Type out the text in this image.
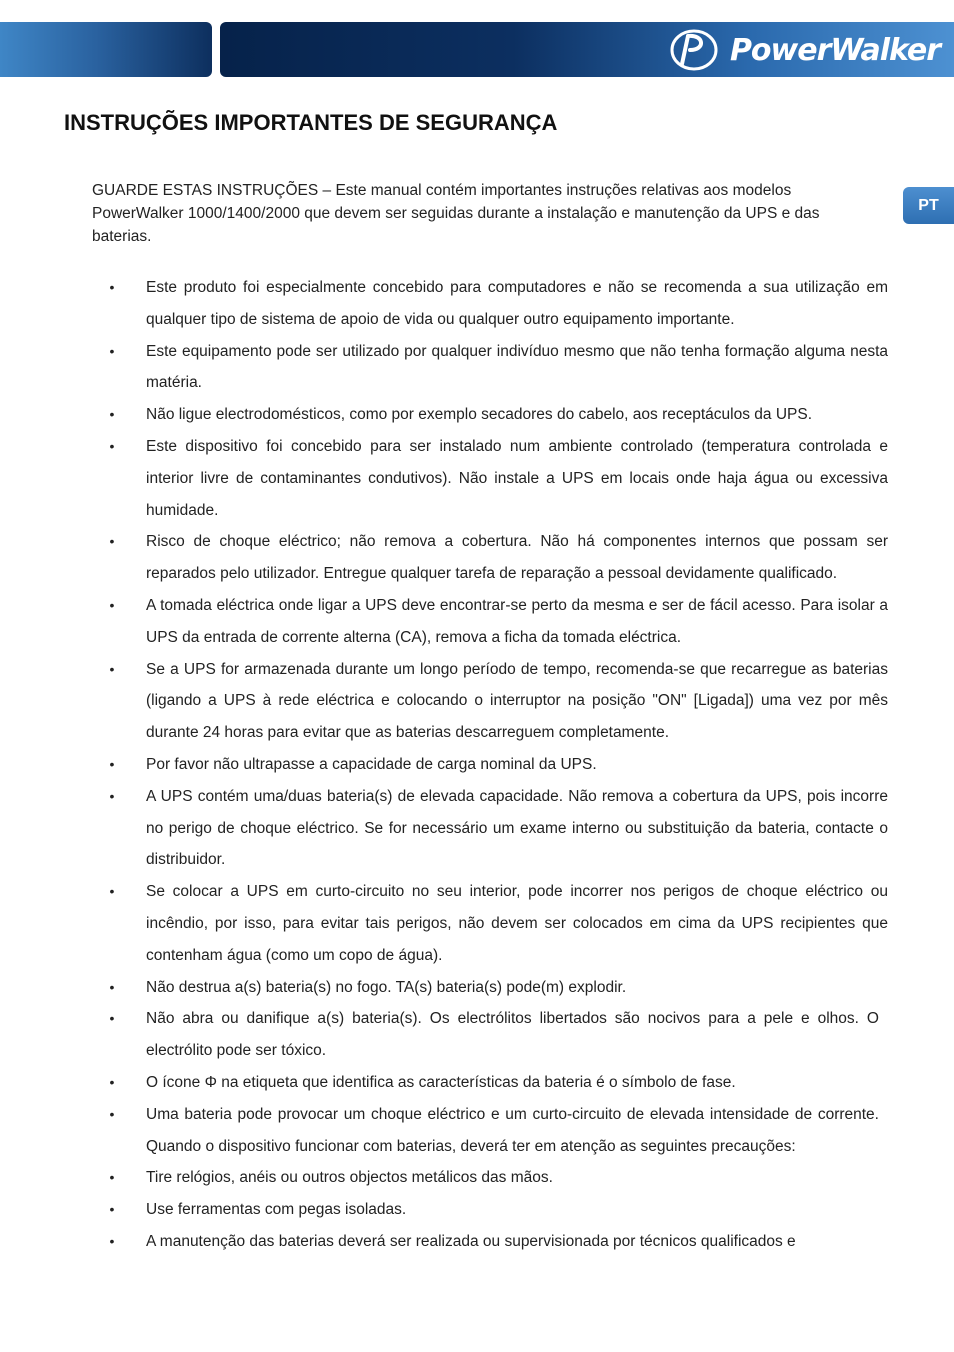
PowerWalker
PT
INSTRUÇÕES IMPORTANTES DE SEGURANÇA

GUARDE ESTAS INSTRUÇÕES – Este manual contém importantes instruções relativas aos modelos PowerWalker 1000/1400/2000 que devem ser seguidas durante a instalação e manutenção da UPS e das baterias.

• Este produto foi especialmente concebido para computadores e não se recomenda a sua utilização em qualquer tipo de sistema de apoio de vida ou qualquer outro equipamento importante.
• Este equipamento pode ser utilizado por qualquer indivíduo mesmo que não tenha formação alguma nesta matéria.
• Não ligue electrodomésticos, como por exemplo secadores do cabelo, aos receptáculos da UPS.
• Este dispositivo foi concebido para ser instalado num ambiente controlado (temperatura controlada e interior livre de contaminantes condutivos). Não instale a UPS em locais onde haja água ou excessiva humidade.
• Risco de choque eléctrico; não remova a cobertura. Não há componentes internos que possam ser reparados pelo utilizador. Entregue qualquer tarefa de reparação a pessoal devidamente qualificado.
• A tomada eléctrica onde ligar a UPS deve encontrar-se perto da mesma e ser de fácil acesso. Para isolar a UPS da entrada de corrente alterna (CA), remova a ficha da tomada eléctrica.
• Se a UPS for armazenada durante um longo período de tempo, recomenda-se que recarregue as baterias (ligando a UPS à rede eléctrica e colocando o interruptor na posição "ON" [Ligada]) uma vez por mês durante 24 horas para evitar que as baterias descarreguem completamente.
• Por favor não ultrapasse a capacidade de carga nominal da UPS.
• A UPS contém uma/duas bateria(s) de elevada capacidade. Não remova a cobertura da UPS, pois incorre no perigo de choque eléctrico. Se for necessário um exame interno ou substituição da bateria, contacte o distribuidor.
• Se colocar a UPS em curto-circuito no seu interior, pode incorrer nos perigos de choque eléctrico ou incêndio, por isso, para evitar tais perigos, não devem ser colocados em cima da UPS recipientes que contenham água (como um copo de água).
• Não destrua a(s) bateria(s) no fogo. TA(s) bateria(s) pode(m) explodir.
• Não abra ou danifique a(s) bateria(s). Os electrólitos libertados são nocivos para a pele e olhos. O electrólito pode ser tóxico.
• O ícone Φ na etiqueta que identifica as características da bateria é o símbolo de fase.
• Uma bateria pode provocar um choque eléctrico e um curto-circuito de elevada intensidade de corrente. Quando o dispositivo funcionar com baterias, deverá ter em atenção as seguintes precauções:
• Tire relógios, anéis ou outros objectos metálicos das mãos.
• Use ferramentas com pegas isoladas.
• A manutenção das baterias deverá ser realizada ou supervisionada por técnicos qualificados e
